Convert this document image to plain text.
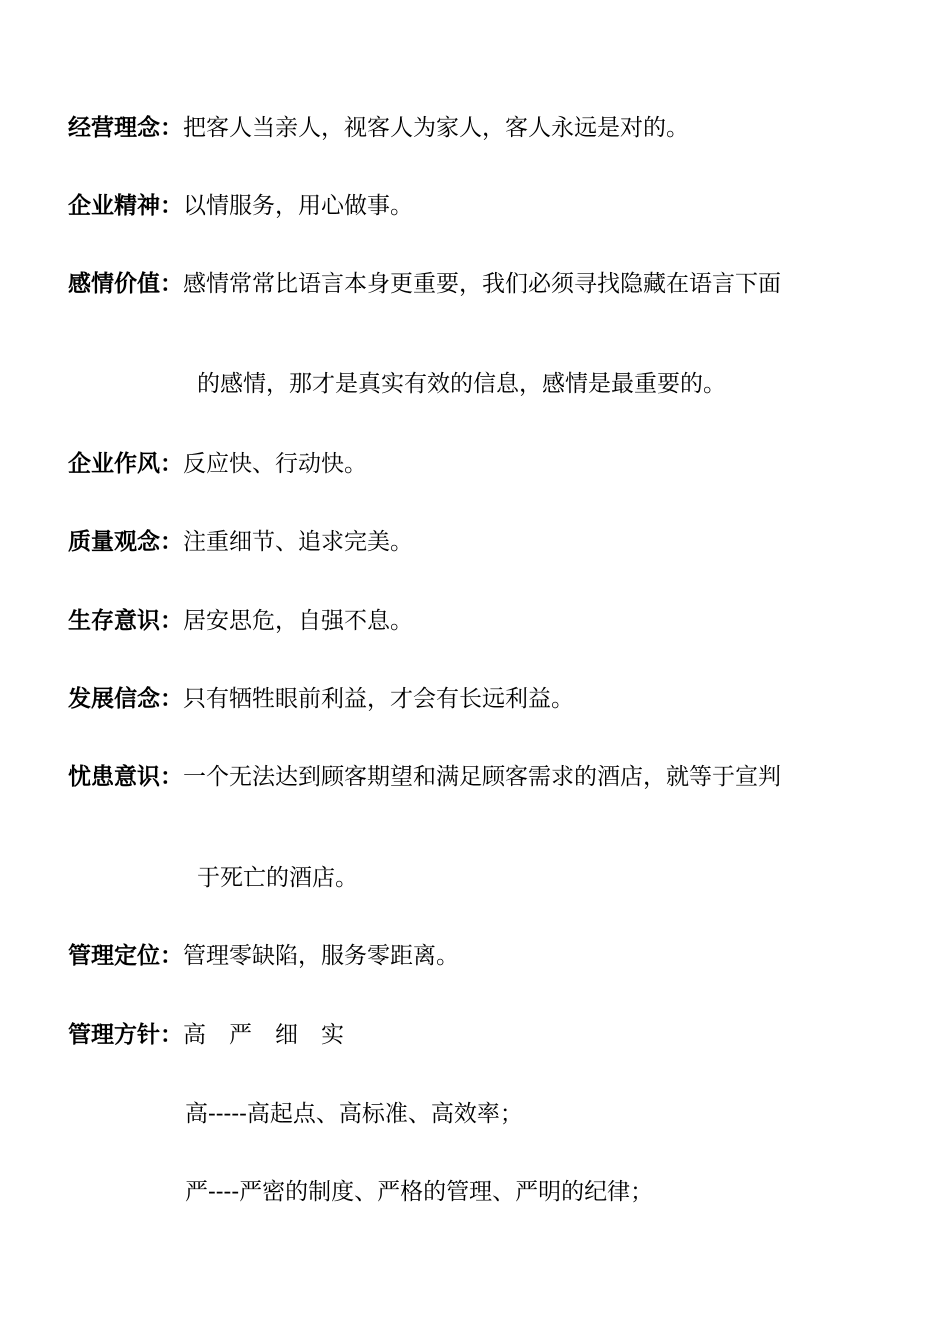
经营理念：把客人当亲人，视客人为家人，客人永远是对的。
企业精神：以情服务，用心做事。
感情价值：感情常常比语言本身更重要，我们必须寻找隐藏在语言下面
的感情，那才是真实有效的信息，感情是最重要的。
企业作风：反应快、行动快。
质量观念：注重细节、追求完美。
生存意识：居安思危，自强不息。
发展信念：只有牺牲眼前利益，才会有长远利益。
忧患意识：一个无法达到顾客期望和满足顾客需求的酒店，就等于宣判
于死亡的酒店。
管理定位：管理零缺陷，服务零距离。
管理方针：高　严　细　实
高-----高起点、高标准、高效率；
严----严密的制度、严格的管理、严明的纪律；
